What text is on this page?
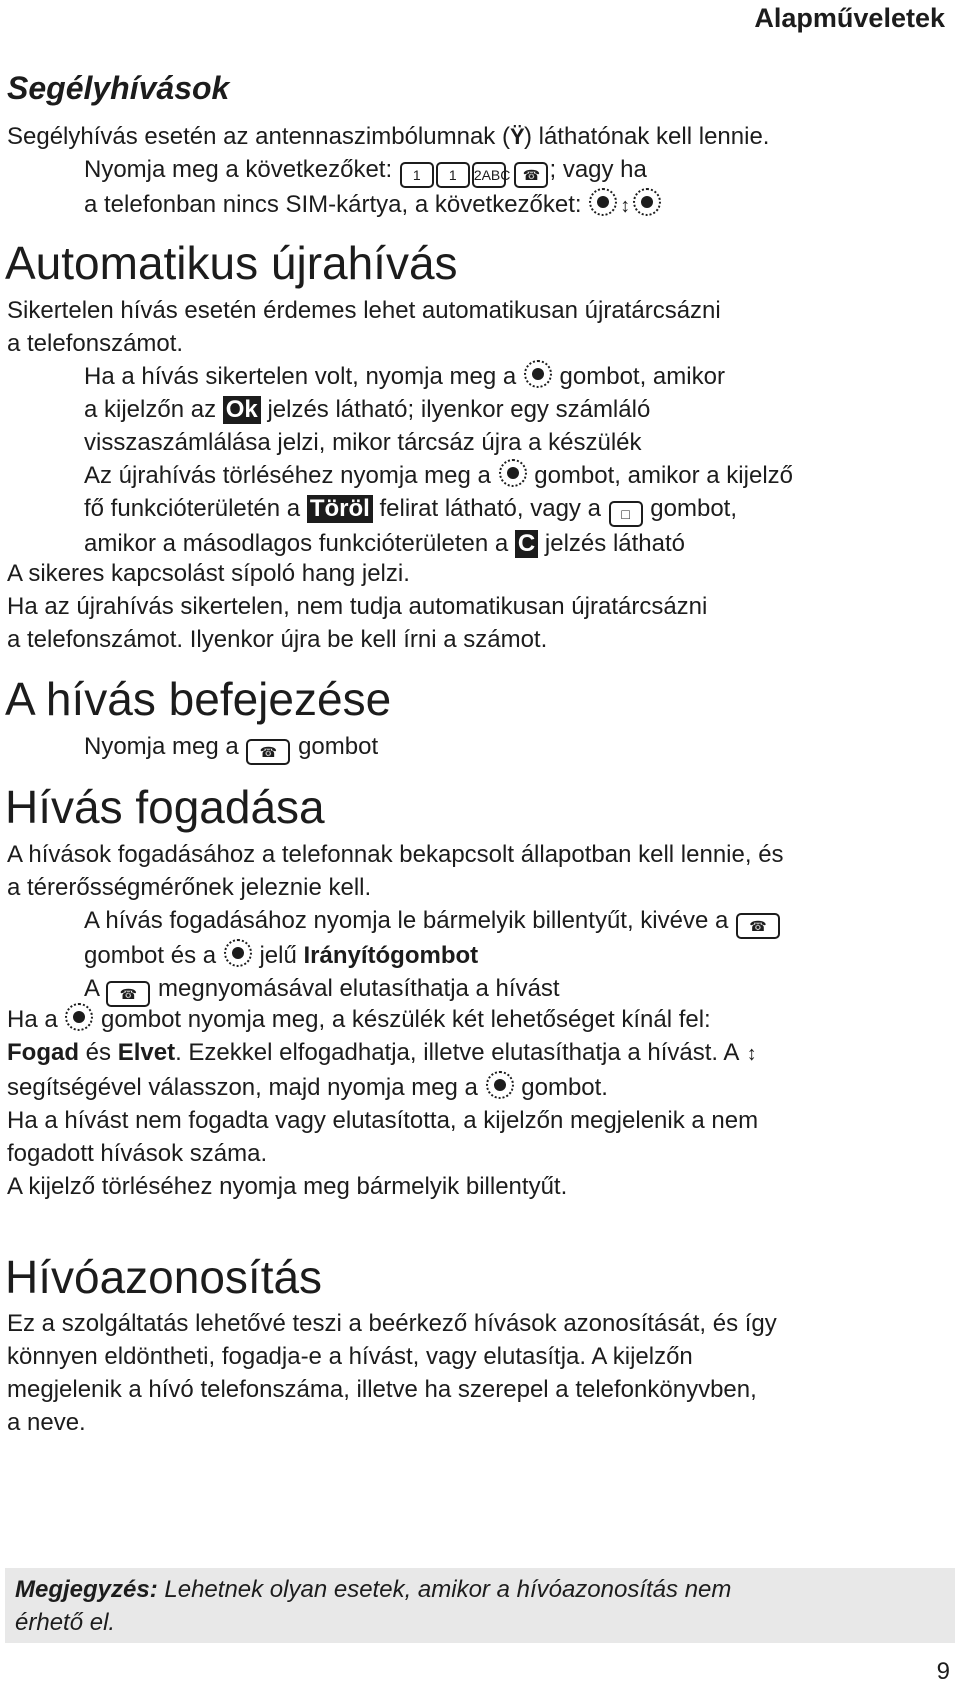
Alapműveletek
Segélyhívások
Segélyhívás esetén az antennaszimbólumnak (Ÿ) láthatónak kell lennie.
Nyomja meg a következőket: 1 1 2ABC ☎ ; vagy ha
a telefonban nincs SIM-kártya, a következőket: ↕
Automatikus újrahívás
Sikertelen hívás esetén érdemes lehet automatikusan újratárcsázni
a telefonszámot.
Ha a hívás sikertelen volt, nyomja meg a gombot, amikor
a kijelzőn az Ok jelzés látható; ilyenkor egy számláló
visszaszámlálása jelzi, mikor tárcsáz újra a készülék
Az újrahívás törléséhez nyomja meg a gombot, amikor a kijelző
fő funkcióterületén a Töröl felirat látható, vagy a □ gombot,
amikor a másodlagos funkcióterületen a C jelzés látható
A sikeres kapcsolást sípoló hang jelzi.
Ha az újrahívás sikertelen, nem tudja automatikusan újratárcsázni
a telefonszámot. Ilyenkor újra be kell írni a számot.
A hívás befejezése
Nyomja meg a ☎ gombot
Hívás fogadása
A hívások fogadásához a telefonnak bekapcsolt állapotban kell lennie, és
a térerősségmérőnek jeleznie kell.
A hívás fogadásához nyomja le bármelyik billentyűt, kivéve a ☎
gombot és a jelű Irányítógombot
A ☎ megnyomásával elutasíthatja a hívást
Ha a gombot nyomja meg, a készülék két lehetőséget kínál fel:
Fogad és Elvet. Ezekkel elfogadhatja, illetve elutasíthatja a hívást. A ↕
segítségével válasszon, majd nyomja meg a gombot.
Ha a hívást nem fogadta vagy elutasította, a kijelzőn megjelenik a nem
fogadott hívások száma.
A kijelző törléséhez nyomja meg bármelyik billentyűt.
Hívóazonosítás
Ez a szolgáltatás lehetővé teszi a beérkező hívások azonosítását, és így
könnyen eldöntheti, fogadja-e a hívást, vagy elutasítja. A kijelzőn
megjelenik a hívó telefonszáma, illetve ha szerepel a telefonkönyvben,
a neve.
Megjegyzés: Lehetnek olyan esetek, amikor a hívóazonosítás nem
érhető el.
9
